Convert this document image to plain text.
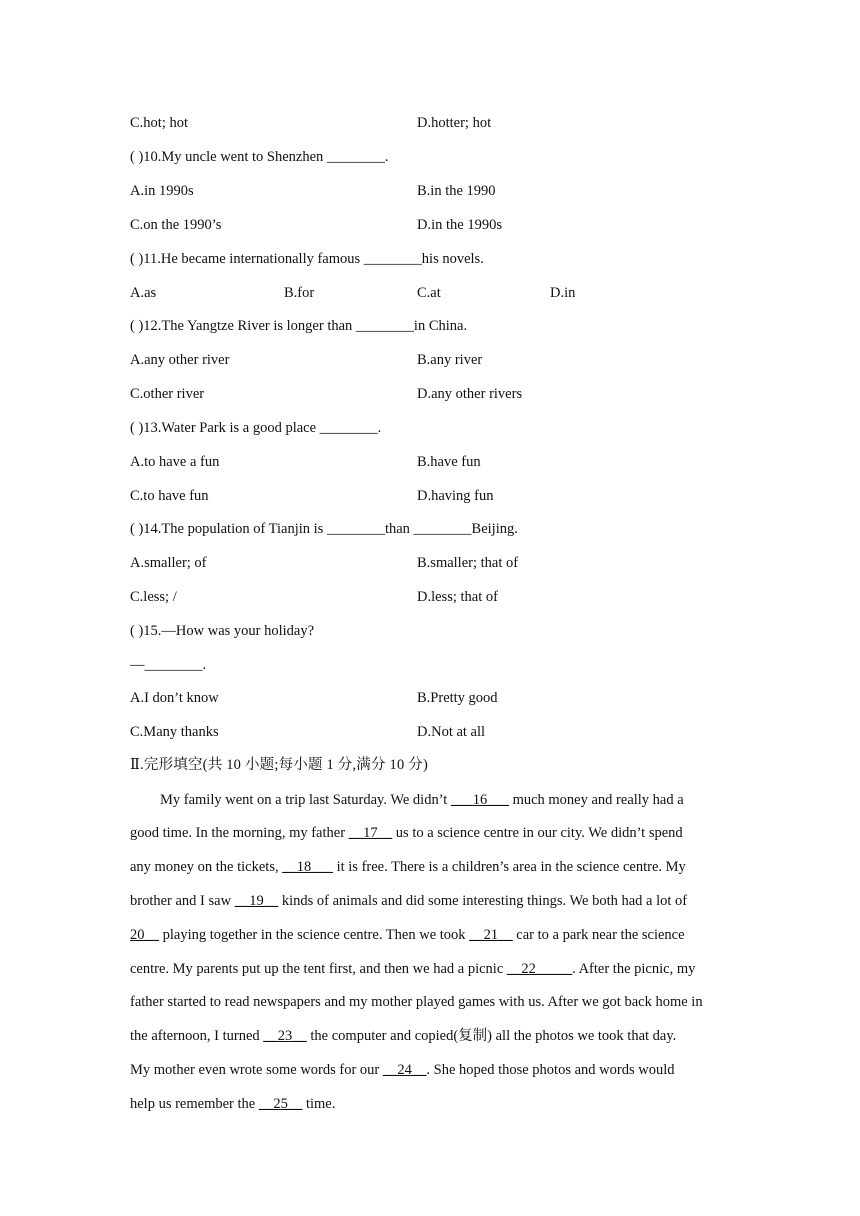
C.hot; hot	D.hotter; hot
( )10.My uncle went to Shenzhen ________.
A.in 1990s	B.in the 1990
C.on the 1990’s	D.in the 1990s
( )11.He became internationally famous ________his novels.
A.as	B.for	C.at	D.in
( )12.The Yangtze River is longer than ________in China.
A.any other river	B.any river
C.other river	D.any other rivers
( )13.Water Park is a good place ________.
A.to have a fun	B.have fun
C.to have fun	D.having fun
( )14.The population of Tianjin is ________than ________Beijing.
A.smaller; of	B.smaller; that of
C.less; /	D.less; that of
( )15.—How was your holiday?
—________.
A.I don’t know	B.Pretty good
C.Many thanks	D.Not at all
Ⅱ.完形填空(共 10 小题;每小题 1 分,满分 10 分)
My family went on a trip last Saturday. We didn’t ___16___ much money and really had a
good time. In the morning, my father __17__ us to a science centre in our city. We didn’t spend
any money on the tickets, __18___ it is free. There is a children’s area in the science centre. My
brother and I saw __19__ kinds of animals and did some interesting things. We both had a lot of
20__ playing together in the science centre. Then we took __21__ car to a park near the science
centre. My parents put up the tent first, and then we had a picnic __22_____. After the picnic, my
father started to read newspapers and my mother played games with us. After we got back home in
the afternoon, I turned __23__ the computer and copied(复制) all the photos we took that day.
My mother even wrote some words for our __24__. She hoped those photos and words would
help us remember the __25__ time.
